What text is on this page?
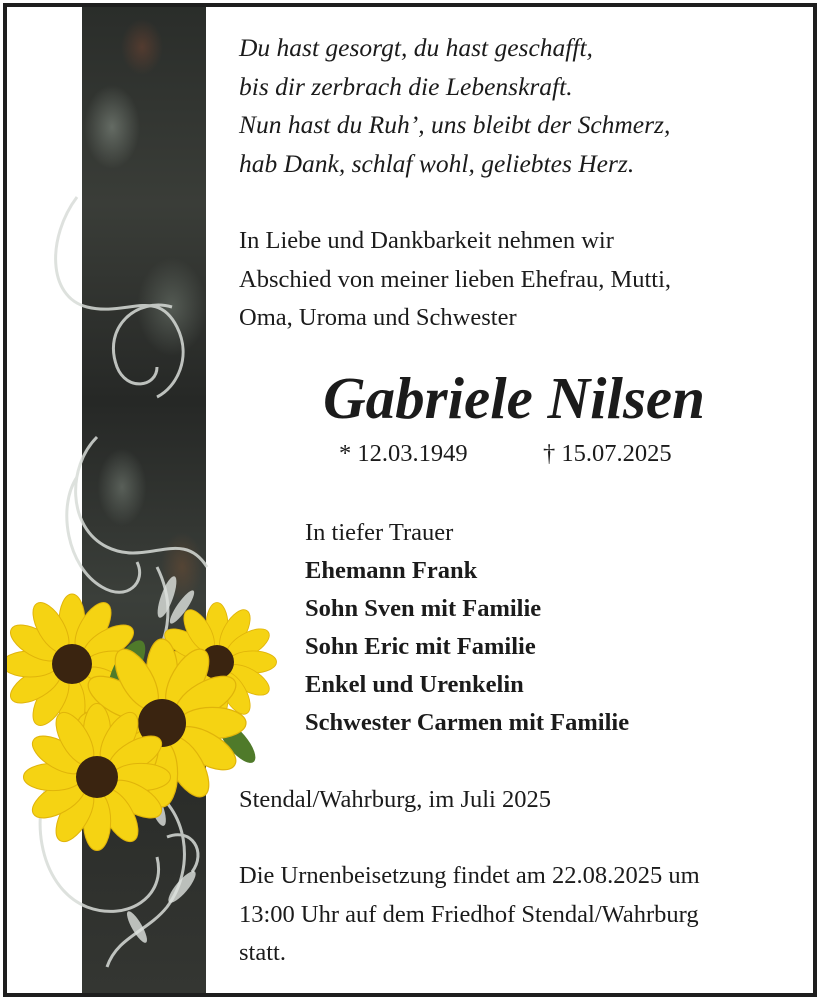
Du hast gesorgt, du hast geschafft,
bis dir zerbrach die Lebenskraft.
Nun hast du Ruh’, uns bleibt der Schmerz,
hab Dank, schlaf wohl, geliebtes Herz.
In Liebe und Dankbarkeit nehmen wir
Abschied von meiner lieben Ehefrau, Mutti,
Oma, Uroma und Schwester
Gabriele Nilsen
* 12.03.1949	† 15.07.2025
In tiefer Trauer
Ehemann Frank
Sohn Sven mit Familie
Sohn Eric mit Familie
Enkel und Urenkelin
Schwester Carmen mit Familie
Stendal/Wahrburg, im Juli 2025
Die Urnenbeisetzung findet am 22.08.2025 um
13:00 Uhr auf dem Friedhof Stendal/Wahrburg
statt.
